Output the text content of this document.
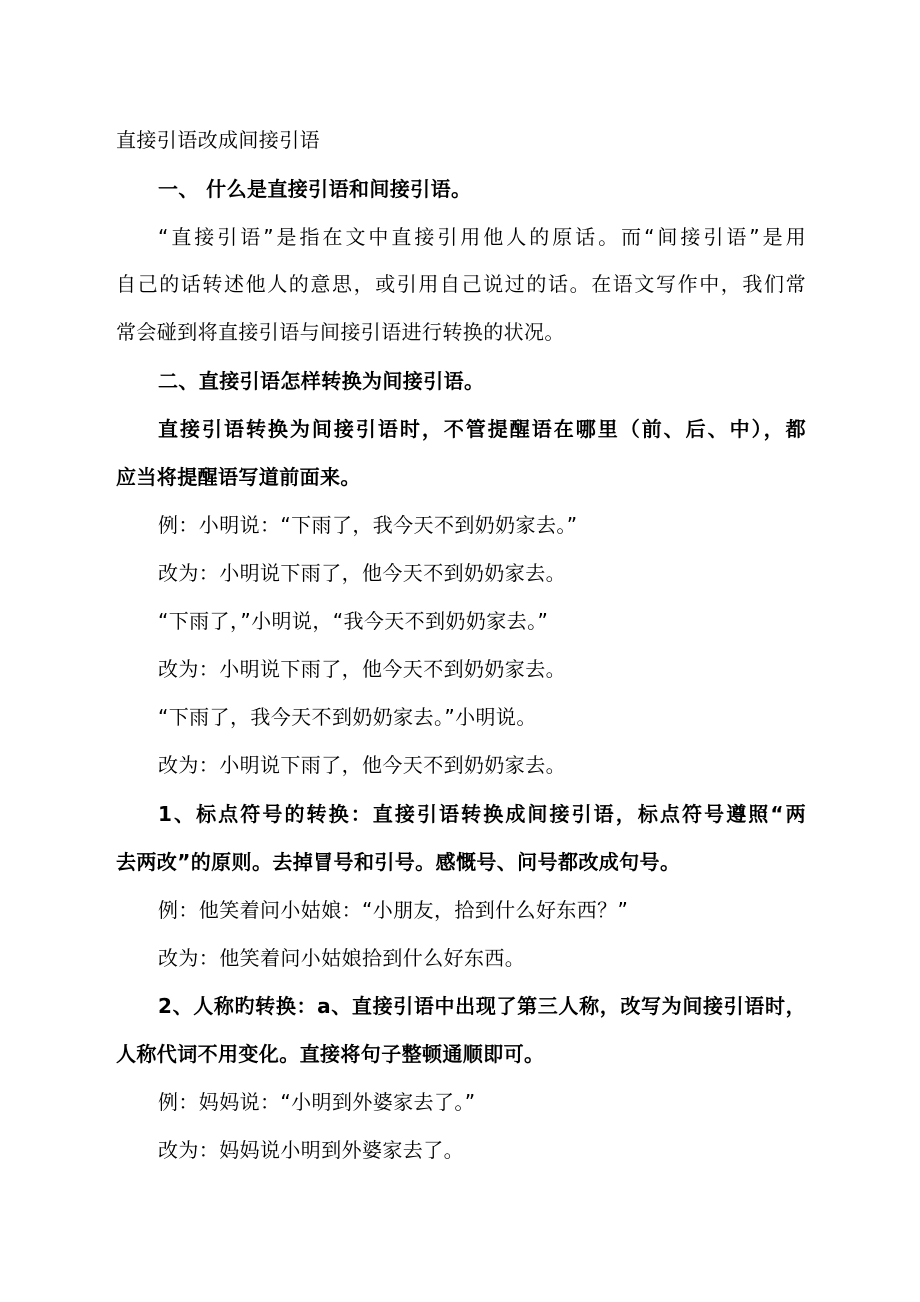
直接引语改成间接引语
一、 什么是直接引语和间接引语。
“直接引语”是指在文中直接引用他人的原话。而“间接引语”是用
自己的话转述他人的意思，或引用自己说过的话。在语文写作中，我们常
常会碰到将直接引语与间接引语进行转换的状况。
二、直接引语怎样转换为间接引语。
直接引语转换为间接引语时，不管提醒语在哪里（前、后、中），都
应当将提醒语写道前面来。
例：小明说：“下雨了，我今天不到奶奶家去。”
改为：小明说下雨了，他今天不到奶奶家去。
“下雨了，”小明说，“我今天不到奶奶家去。”
改为：小明说下雨了，他今天不到奶奶家去。
“下雨了，我今天不到奶奶家去。”小明说。
改为：小明说下雨了，他今天不到奶奶家去。
1、标点符号的转换：直接引语转换成间接引语，标点符号遵照“两
去两改”的原则。去掉冒号和引号。感慨号、问号都改成句号。
例：他笑着问小姑娘：“小朋友，拾到什么好东西？”
改为：他笑着问小姑娘拾到什么好东西。
2、人称旳转换：a、直接引语中出现了第三人称，改写为间接引语时，
人称代词不用变化。直接将句子整顿通顺即可。
例：妈妈说：“小明到外婆家去了。”
改为：妈妈说小明到外婆家去了。
